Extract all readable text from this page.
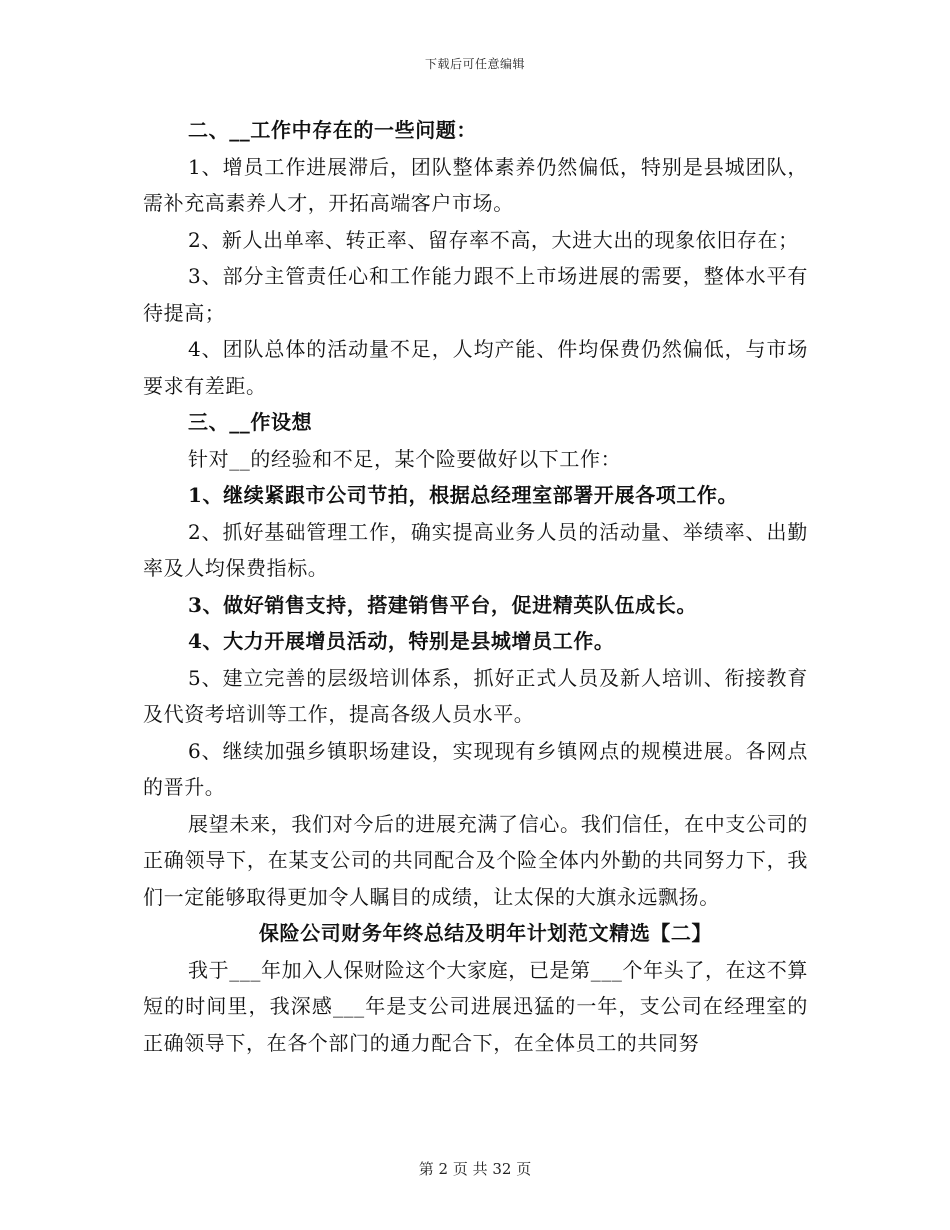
下载后可任意编辑

二、__工作中存在的一些问题：

1、增员工作进展滞后，团队整体素养仍然偏低，特别是县城团队，需补充高素养人才，开拓高端客户市场。

2、新人出单率、转正率、留存率不高，大进大出的现象依旧存在；

3、部分主管责任心和工作能力跟不上市场进展的需要，整体水平有待提高；

4、团队总体的活动量不足，人均产能、件均保费仍然偏低，与市场要求有差距。

三、__作设想

针对__的经验和不足，某个险要做好以下工作：

1、继续紧跟市公司节拍，根据总经理室部署开展各项工作。

2、抓好基础管理工作，确实提高业务人员的活动量、举绩率、出勤率及人均保费指标。

3、做好销售支持，搭建销售平台，促进精英队伍成长。

4、大力开展增员活动，特别是县城增员工作。

5、建立完善的层级培训体系，抓好正式人员及新人培训、衔接教育及代资考培训等工作，提高各级人员水平。

6、继续加强乡镇职场建设，实现现有乡镇网点的规模进展。各网点的晋升。

展望未来，我们对今后的进展充满了信心。我们信任，在中支公司的正确领导下，在某支公司的共同配合及个险全体内外勤的共同努力下，我们一定能够取得更加令人瞩目的成绩，让太保的大旗永远飘扬。

保险公司财务年终总结及明年计划范文精选【二】

我于___年加入人保财险这个大家庭，已是第___个年头了，在这不算短的时间里，我深感___年是支公司进展迅猛的一年，支公司在经理室的正确领导下，在各个部门的通力配合下，在全体员工的共同努

第 2 页 共 32 页
